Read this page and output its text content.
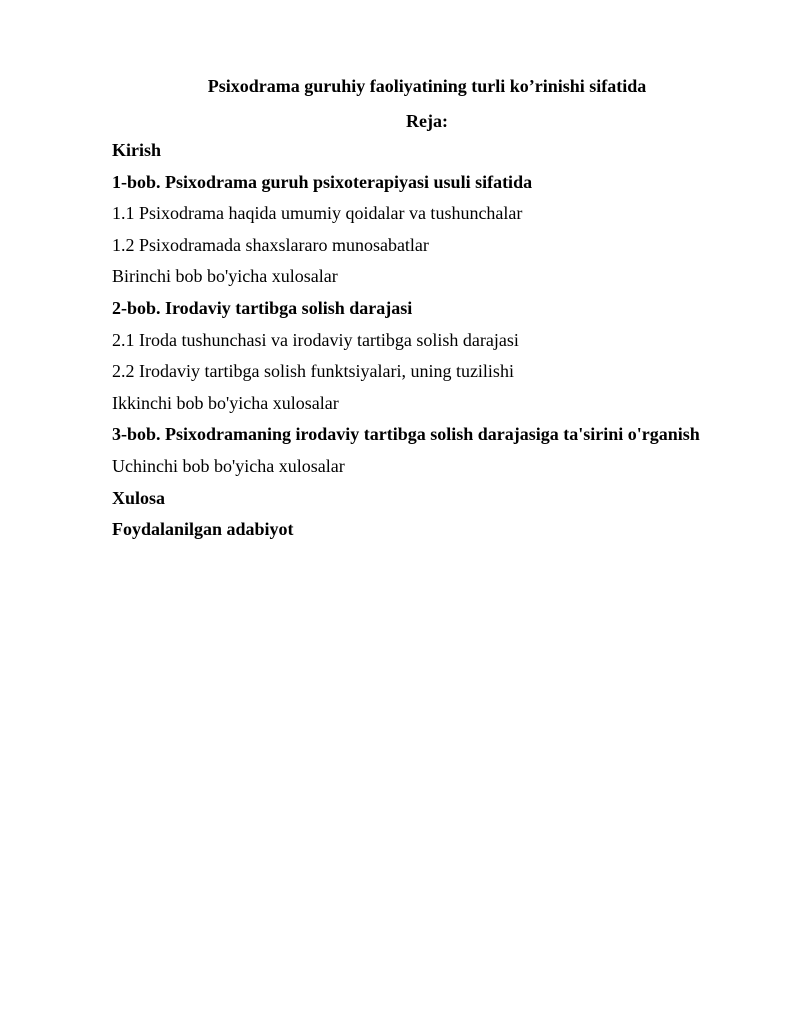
Psixodrama guruhiy faoliyatining turli ko’rinishi sifatida
Reja:
Kirish
1-bob. Psixodrama guruh psixoterapiyasi usuli sifatida
1.1 Psixodrama haqida umumiy qoidalar va tushunchalar
1.2 Psixodramada shaxslararo munosabatlar
Birinchi bob bo'yicha xulosalar
2-bob. Irodaviy tartibga solish darajasi
2.1 Iroda tushunchasi va irodaviy tartibga solish darajasi
2.2 Irodaviy tartibga solish funktsiyalari, uning tuzilishi
Ikkinchi bob bo'yicha xulosalar
3-bob. Psixodramaning irodaviy tartibga solish darajasiga ta'sirini o'rganish
Uchinchi bob bo'yicha xulosalar
Xulosa
Foydalanilgan adabiyot
